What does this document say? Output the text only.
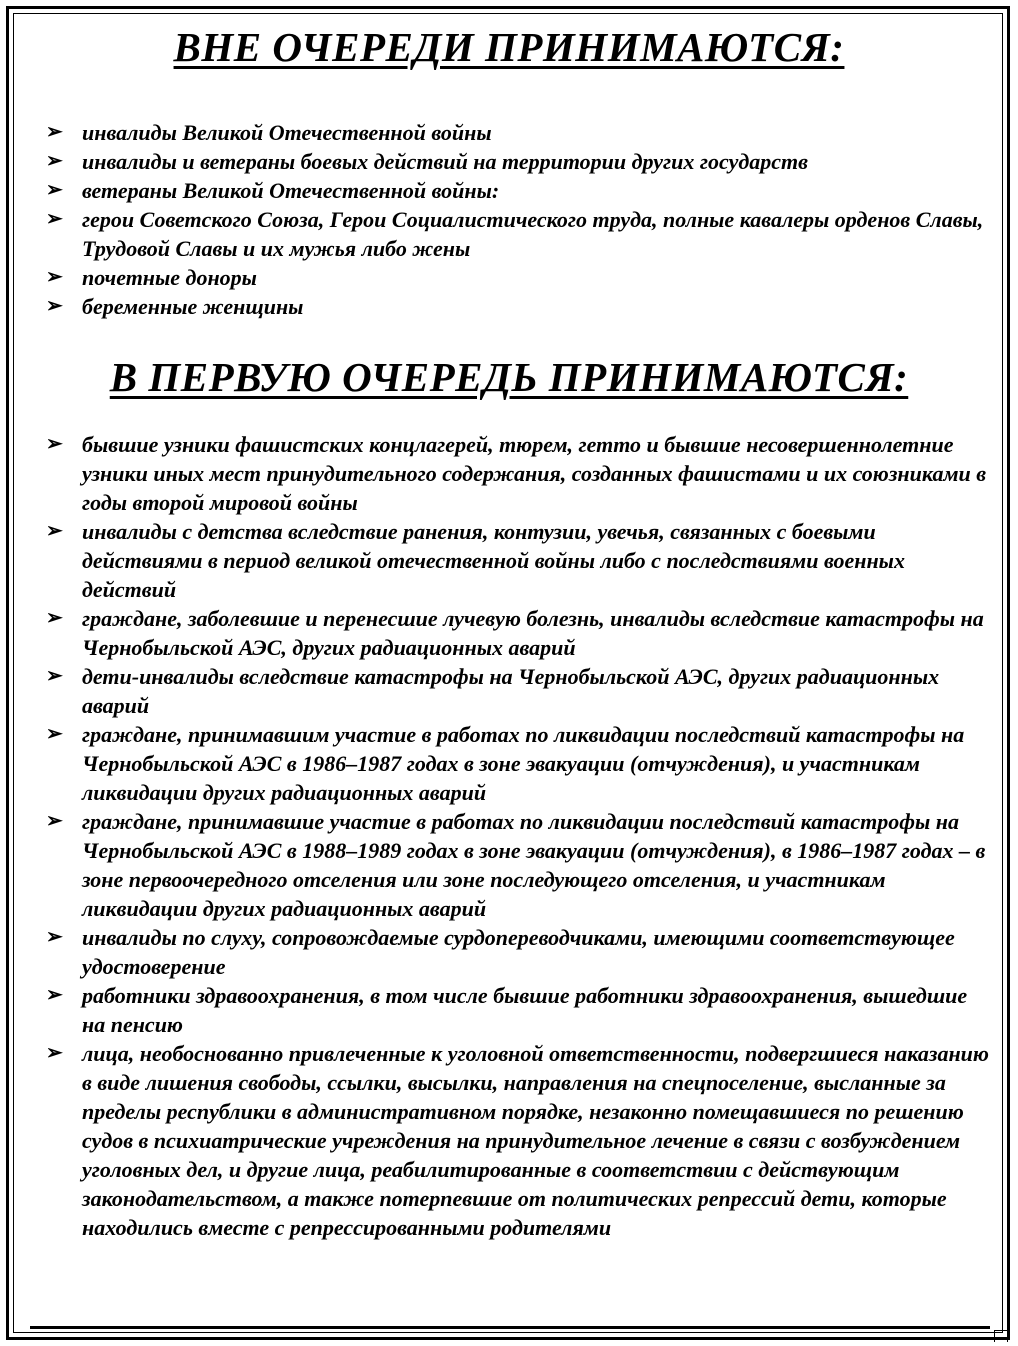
ВНЕ ОЧЕРЕДИ ПРИНИМАЮТСЯ:
➢ инвалиды Великой Отечественной войны
➢ инвалиды и ветераны боевых действий на территории других государств
➢ ветераны Великой Отечественной войны:
➢ герои Советского Союза, Герои Социалистического труда, полные кавалеры орденов Славы, Трудовой Славы и их мужья либо жены
➢ почетные доноры
➢ беременные женщины
В ПЕРВУЮ ОЧЕРЕДЬ ПРИНИМАЮТСЯ:
➢ бывшие узники фашистских концлагерей, тюрем, гетто и бывшие несовершеннолетние узники иных мест принудительного содержания, созданных фашистами и их союзниками в годы второй мировой войны
➢ инвалиды с детства вследствие ранения, контузии, увечья, связанных с боевыми действиями в период великой отечественной войны либо с последствиями военных действий
➢ граждане, заболевшие и перенесшие лучевую болезнь, инвалиды вследствие катастрофы на Чернобыльской АЭС, других радиационных аварий
➢ дети-инвалиды вследствие катастрофы на Чернобыльской АЭС, других радиационных аварий
➢ граждане, принимавшим участие в работах по ликвидации последствий катастрофы на Чернобыльской АЭС в 1986–1987 годах в зоне эвакуации (отчуждения), и участникам ликвидации других радиационных аварий
➢ граждане, принимавшие участие в работах по ликвидации последствий катастрофы на Чернобыльской АЭС в 1988–1989 годах в зоне эвакуации (отчуждения), в 1986–1987 годах – в зоне первоочередного отселения или зоне последующего отселения, и участникам ликвидации других радиационных аварий
➢ инвалиды по слуху, сопровождаемые сурдопереводчиками, имеющими соответствующее удостоверение
➢ работники здравоохранения, в том числе бывшие работники здравоохранения, вышедшие на пенсию
➢ лица, необоснованно привлеченные к уголовной ответственности, подвергшиеся наказанию в виде лишения свободы, ссылки, высылки, направления на спецпоселение, высланные за пределы республики в административном порядке, незаконно помещавшиеся по решению судов в психиатрические учреждения на принудительное лечение в связи с возбуждением уголовных дел, и другие лица, реабилитированные в соответствии с действующим законодательством, а также потерпевшие от политических репрессий дети, которые находились вместе с репрессированными родителями
